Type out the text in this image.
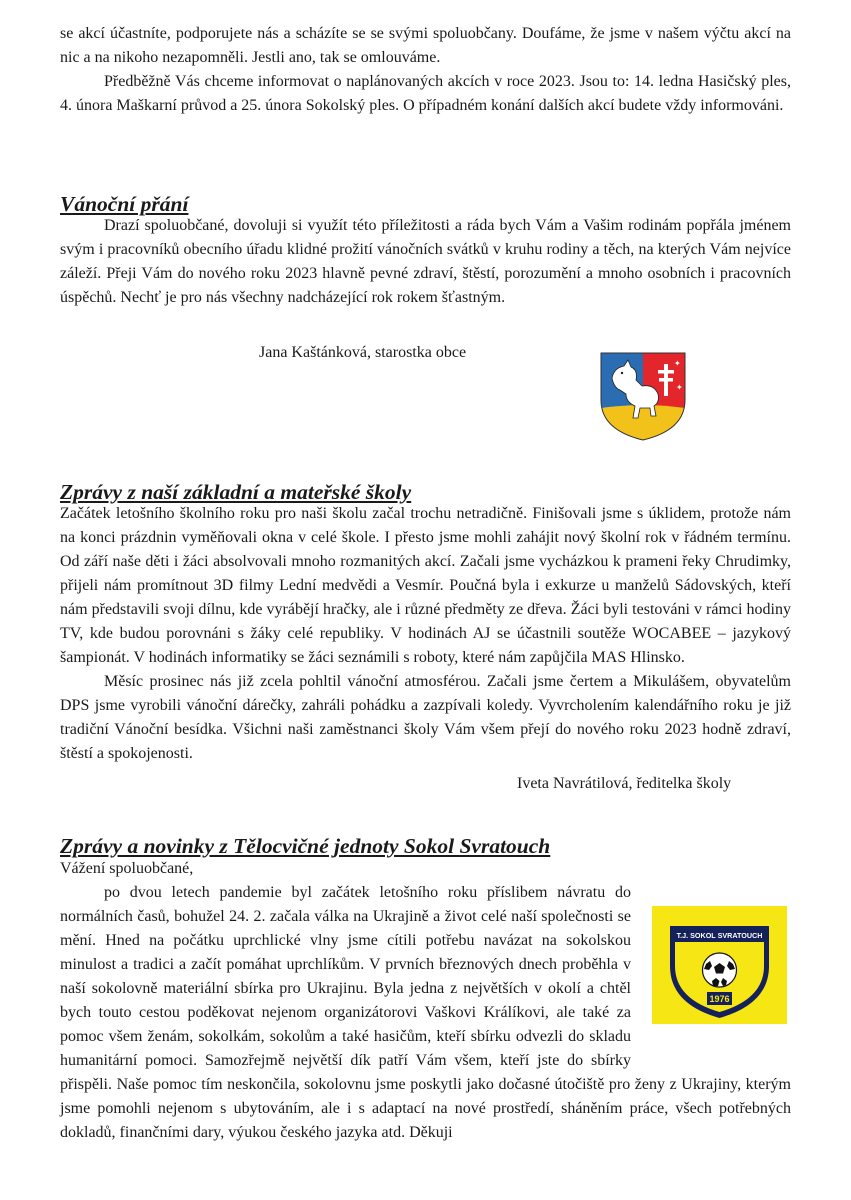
se akcí účastníte, podporujete nás a scházíte se se svými spoluobčany. Doufáme, že jsme v našem výčtu akcí na nic a na nikoho nezapomněli. Jestli ano, tak se omlouváme.

Předběžně Vás chceme informovat o naplánovaných akcích v roce 2023. Jsou to: 14. ledna Hasičský ples, 4. února Maškarní průvod a 25. února Sokolský ples. O případném konání dalších akcí budete vždy informováni.

Vánoční přání

Drazí spoluobčané, dovoluji si využít této příležitosti a ráda bych Vám a Vašim rodinám popřála jménem svým i pracovníků obecního úřadu klidné prožití vánočních svátků v kruhu rodiny a těch, na kterých Vám nejvíce záleží. Přeji Vám do nového roku 2023 hlavně pevné zdraví, štěstí, porozumění a mnoho osobních i pracovních úspěchů. Nechť je pro nás všechny nadcházející rok rokem šťastným.

Jana Kaštánková, starostka obce
✦
✦
Zprávy z naší základní a mateřské školy

Začátek letošního školního roku pro naši školu začal trochu netradičně. Finišovali jsme s úklidem, protože nám na konci prázdnin vyměňovali okna v celé škole. I přesto jsme mohli zahájit nový školní rok v řádném termínu. Od září naše děti i žáci absolvovali mnoho rozmanitých akcí. Začali jsme vycházkou k prameni řeky Chrudimky, přijeli nám promítnout 3D filmy Lední medvědi a Vesmír. Poučná byla i exkurze u manželů Sádovských, kteří nám představili svoji dílnu, kde vyrábějí hračky, ale i různé předměty ze dřeva. Žáci byli testováni v rámci hodiny TV, kde budou porovnáni s žáky celé republiky. V hodinách AJ se účastnili soutěže WOCABEE – jazykový šampionát. V hodinách informatiky se žáci seznámili s roboty, které nám zapůjčila MAS Hlinsko.

Měsíc prosinec nás již zcela pohltil vánoční atmosférou. Začali jsme čertem a Mikulášem, obyvatelům DPS jsme vyrobili vánoční dárečky, zahráli pohádku a zazpívali koledy. Vyvrcholením kalendářního roku je již tradiční Vánoční besídka. Všichni naši zaměstnanci školy Vám všem přejí do nového roku 2023 hodně zdraví, štěstí a spokojenosti.

Iveta Navrátilová, ředitelka školy
Zprávy a novinky z Tělocvičné jednoty Sokol Svratouch

Vážení spoluobčané,

po dvou letech pandemie byl začátek letošního roku příslibem návratu do normálních časů, bohužel 24. 2. začala válka na Ukrajině a život celé naší společnosti se mění. Hned na počátku uprchlické vlny jsme cítili potřebu navázat na sokolskou minulost a tradici a začít pomáhat uprchlíkům. V prvních březnových dnech proběhla v naší sokolovně materiální sbírka pro Ukrajinu. Byla jedna z největších v okolí a chtěl bych touto cestou poděkovat nejenom organizátorovi Vaškovi Králíkovi, ale také za pomoc všem ženám, sokolkám, sokolům a také hasičům, kteří sbírku odvezli do skladu humanitární pomoci. Samozřejmě největší dík patří Vám všem, kteří jste do sbírky přispěli. Naše pomoc tím neskončila, sokolovnu jsme poskytli jako dočasné útočiště pro ženy z Ukrajiny, kterým jsme pomohli nejenom s ubytováním, ale i s adaptací na nové prostředí, sháněním práce, všech potřebných dokladů, finančními dary, výukou českého jazyka atd. Děkuji

T.J. SOKOL SVRATOUCH
1976
